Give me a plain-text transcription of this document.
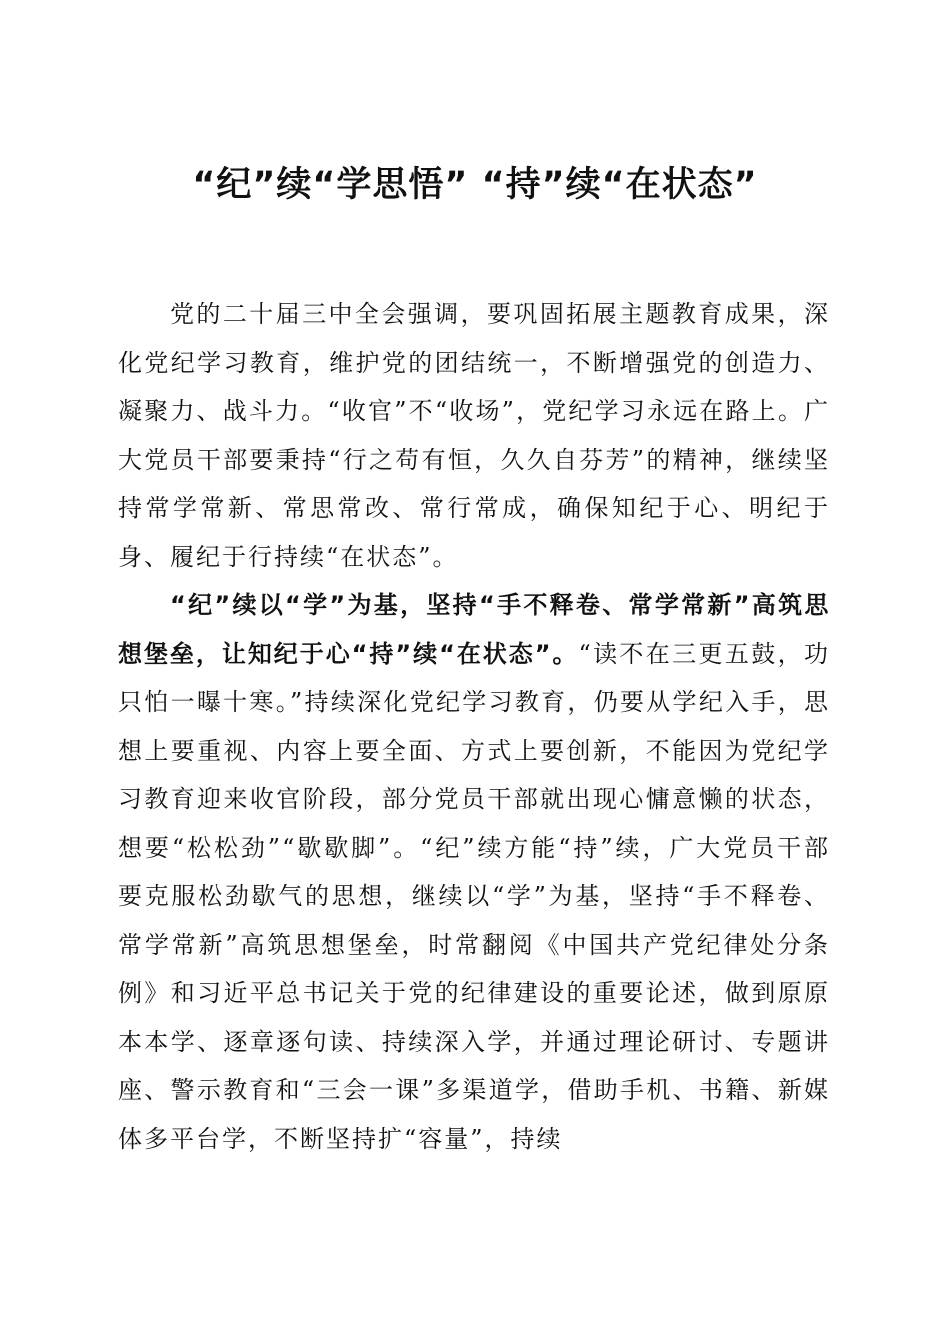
“纪”续“学思悟” “持”续“在状态”

党的二十届三中全会强调，要巩固拓展主题教育成果，深化党纪学习教育，维护党的团结统一，不断增强党的创造力、凝聚力、战斗力。“收官”不“收场”，党纪学习永远在路上。广大党员干部要秉持“行之苟有恒，久久自芬芳”的精神，继续坚持常学常新、常思常改、常行常成，确保知纪于心、明纪于身、履纪于行持续“在状态”。

“纪”续以“学”为基，坚持“手不释卷、常学常新”高筑思想堡垒，让知纪于心“持”续“在状态”。“读不在三更五鼓，功只怕一曝十寒。”持续深化党纪学习教育，仍要从学纪入手，思想上要重视、内容上要全面、方式上要创新，不能因为党纪学习教育迎来收官阶段，部分党员干部就出现心慵意懒的状态，想要“松松劲”“歇歇脚”。“纪”续方能“持”续，广大党员干部要克服松劲歇气的思想，继续以“学”为基，坚持“手不释卷、常学常新”高筑思想堡垒，时常翻阅《中国共产党纪律处分条例》和习近平总书记关于党的纪律建设的重要论述，做到原原本本学、逐章逐句读、持续深入学，并通过理论研讨、专题讲座、警示教育和“三会一课”多渠道学，借助手机、书籍、新媒体多平台学，不断坚持扩“容量”，持续
